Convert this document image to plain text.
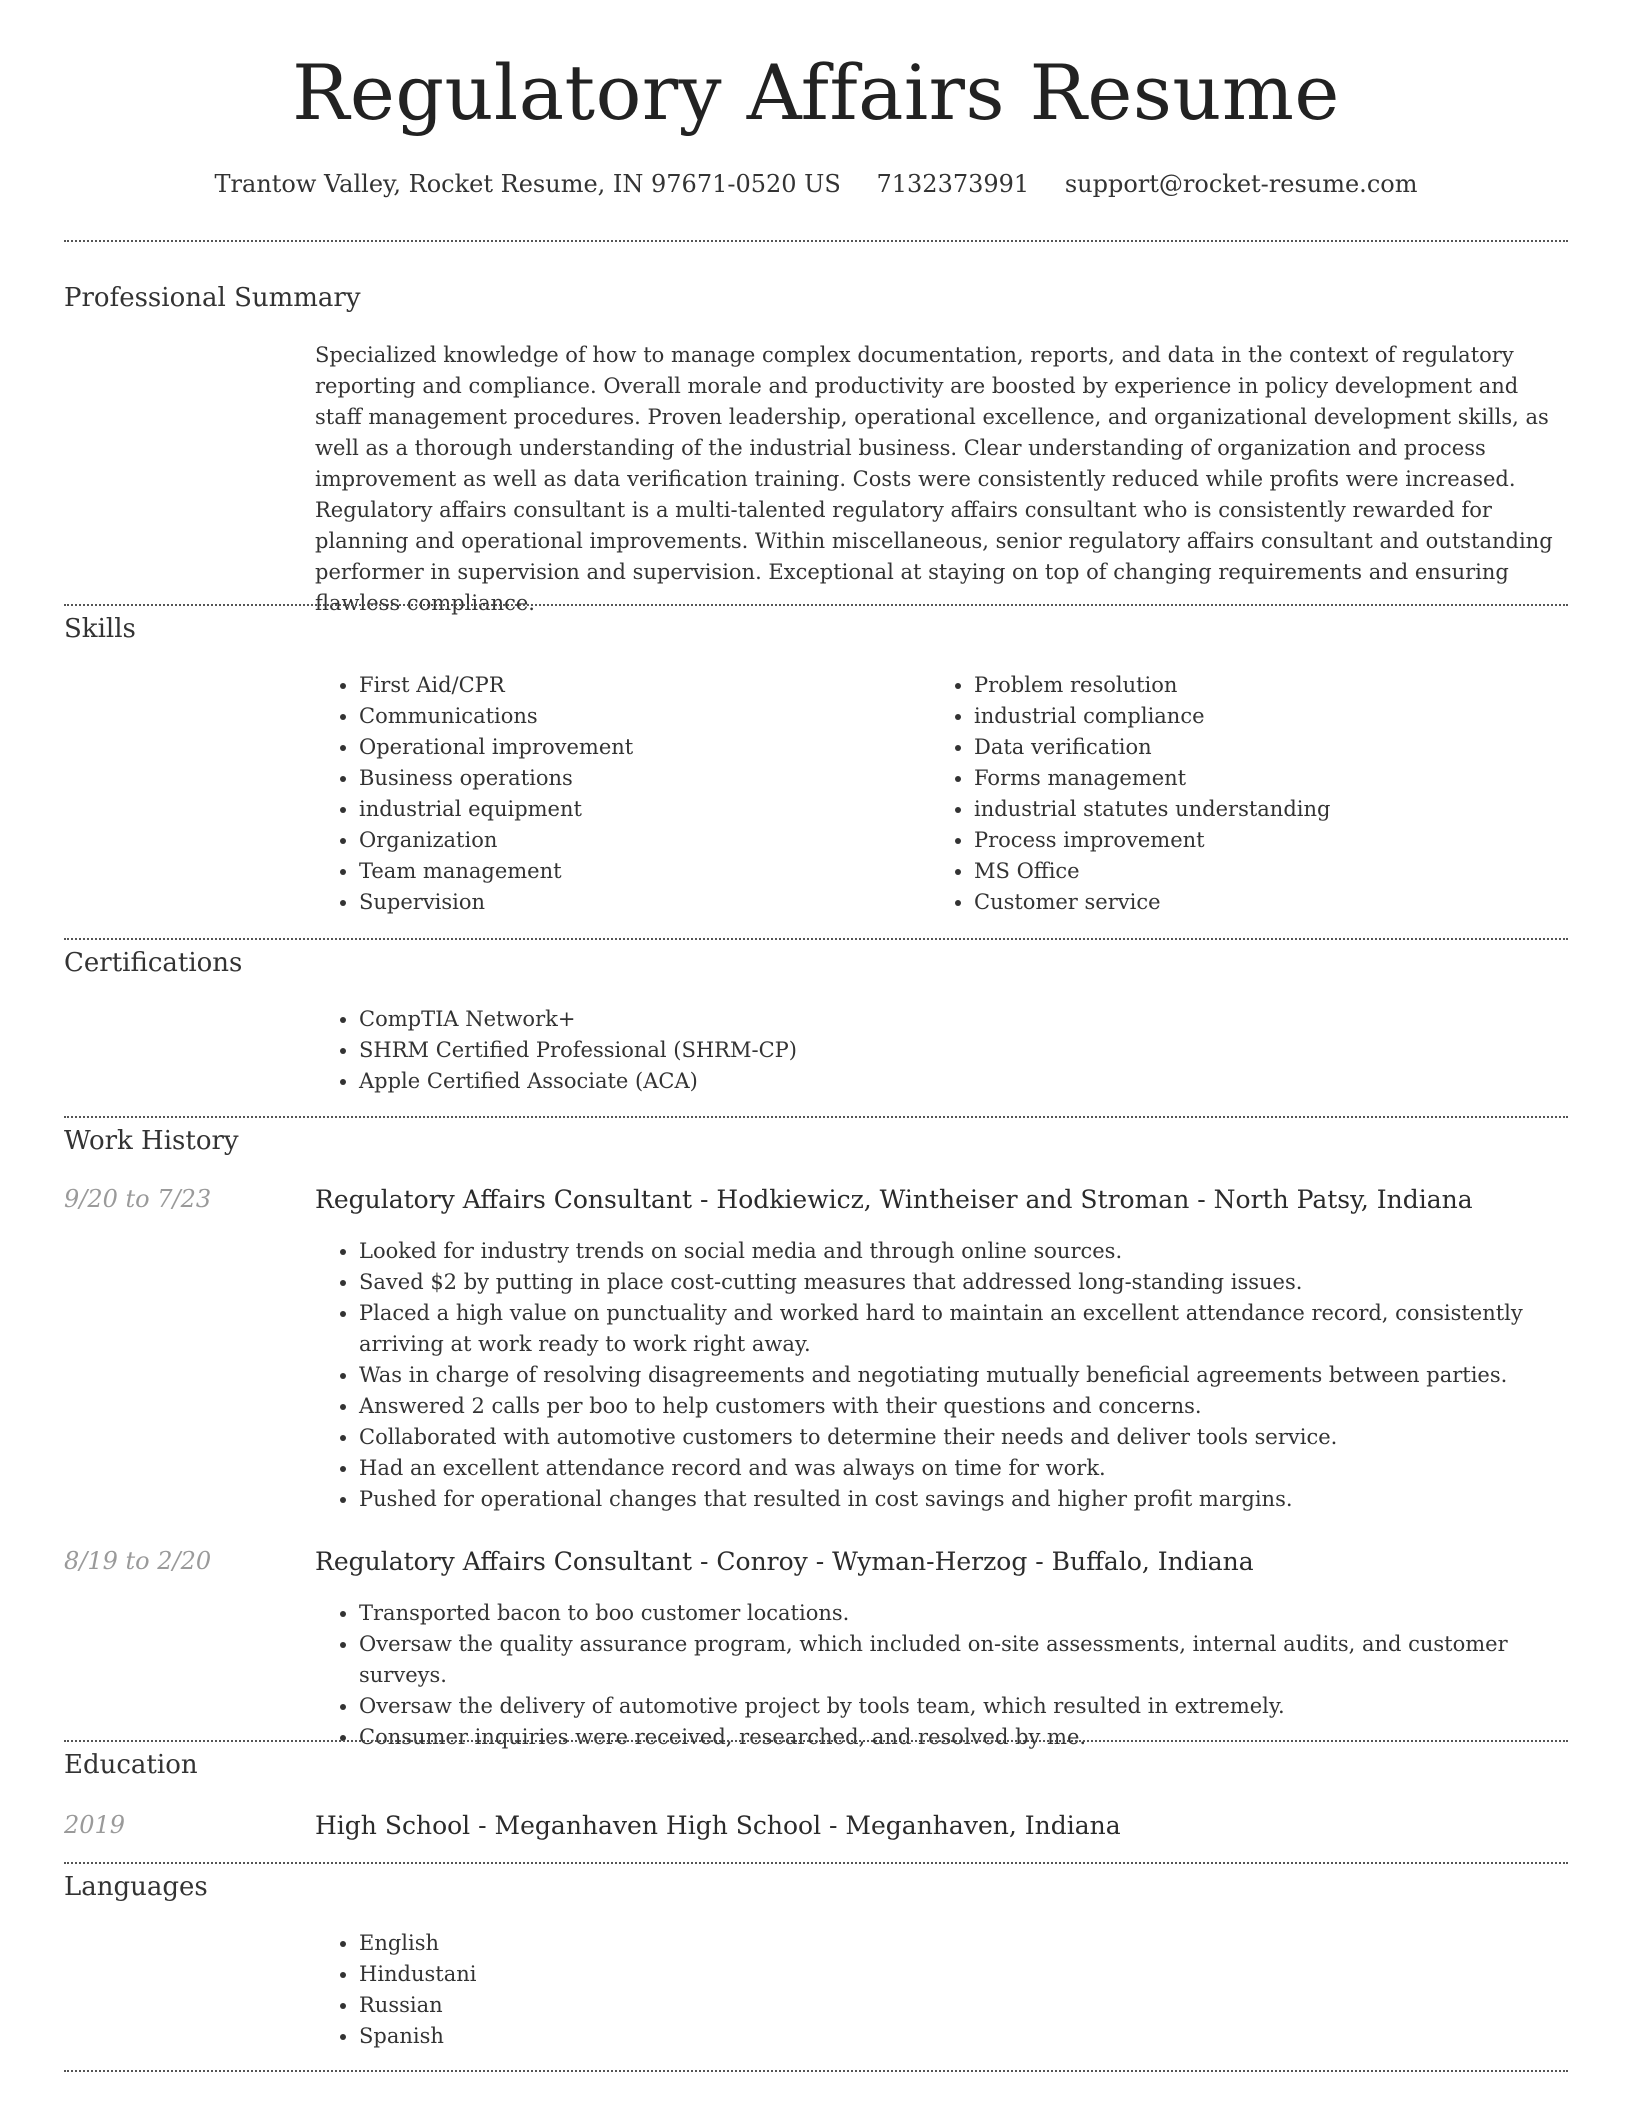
Regulatory Affairs Resume
Trantow Valley, Rocket Resume, IN 97671-0520 US 7132373991 support@rocket-resume.com
Professional Summary

Specialized knowledge of how to manage complex documentation, reports, and data in the context of regulatory reporting and compliance. Overall morale and productivity are boosted by experience in policy development and staff management procedures. Proven leadership, operational excellence, and organizational development skills, as well as a thorough understanding of the industrial business. Clear understanding of organization and process improvement as well as data verification training. Costs were consistently reduced while profits were increased. Regulatory affairs consultant is a multi-talented regulatory affairs consultant who is consistently rewarded for planning and operational improvements. Within miscellaneous, senior regulatory affairs consultant and outstanding performer in supervision and supervision. Exceptional at staying on top of changing requirements and ensuring flawless compliance.

Skills
• First Aid/CPR
• Communications
• Operational improvement
• Business operations
• industrial equipment
• Organization
• Team management
• Supervision
• Problem resolution
• industrial compliance
• Data verification
• Forms management
• industrial statutes understanding
• Process improvement
• MS Office
• Customer service
Certifications
• CompTIA Network+
• SHRM Certified Professional (SHRM-CP)
• Apple Certified Associate (ACA)
Work History
9/20 to 7/23	Regulatory Affairs Consultant - Hodkiewicz, Wintheiser and Stroman - North Patsy, Indiana
• Looked for industry trends on social media and through online sources.
• Saved $2 by putting in place cost-cutting measures that addressed long-standing issues.
• Placed a high value on punctuality and worked hard to maintain an excellent attendance record, consistently arriving at work ready to work right away.
• Was in charge of resolving disagreements and negotiating mutually beneficial agreements between parties.
• Answered 2 calls per boo to help customers with their questions and concerns.
• Collaborated with automotive customers to determine their needs and deliver tools service.
• Had an excellent attendance record and was always on time for work.
• Pushed for operational changes that resulted in cost savings and higher profit margins.
8/19 to 2/20	Regulatory Affairs Consultant - Conroy - Wyman-Herzog - Buffalo, Indiana
• Transported bacon to boo customer locations.
• Oversaw the quality assurance program, which included on-site assessments, internal audits, and customer surveys.
• Oversaw the delivery of automotive project by tools team, which resulted in extremely.
• Consumer inquiries were received, researched, and resolved by me.
Education
2019	High School - Meganhaven High School - Meganhaven, Indiana
Languages
• English
• Hindustani
• Russian
• Spanish
